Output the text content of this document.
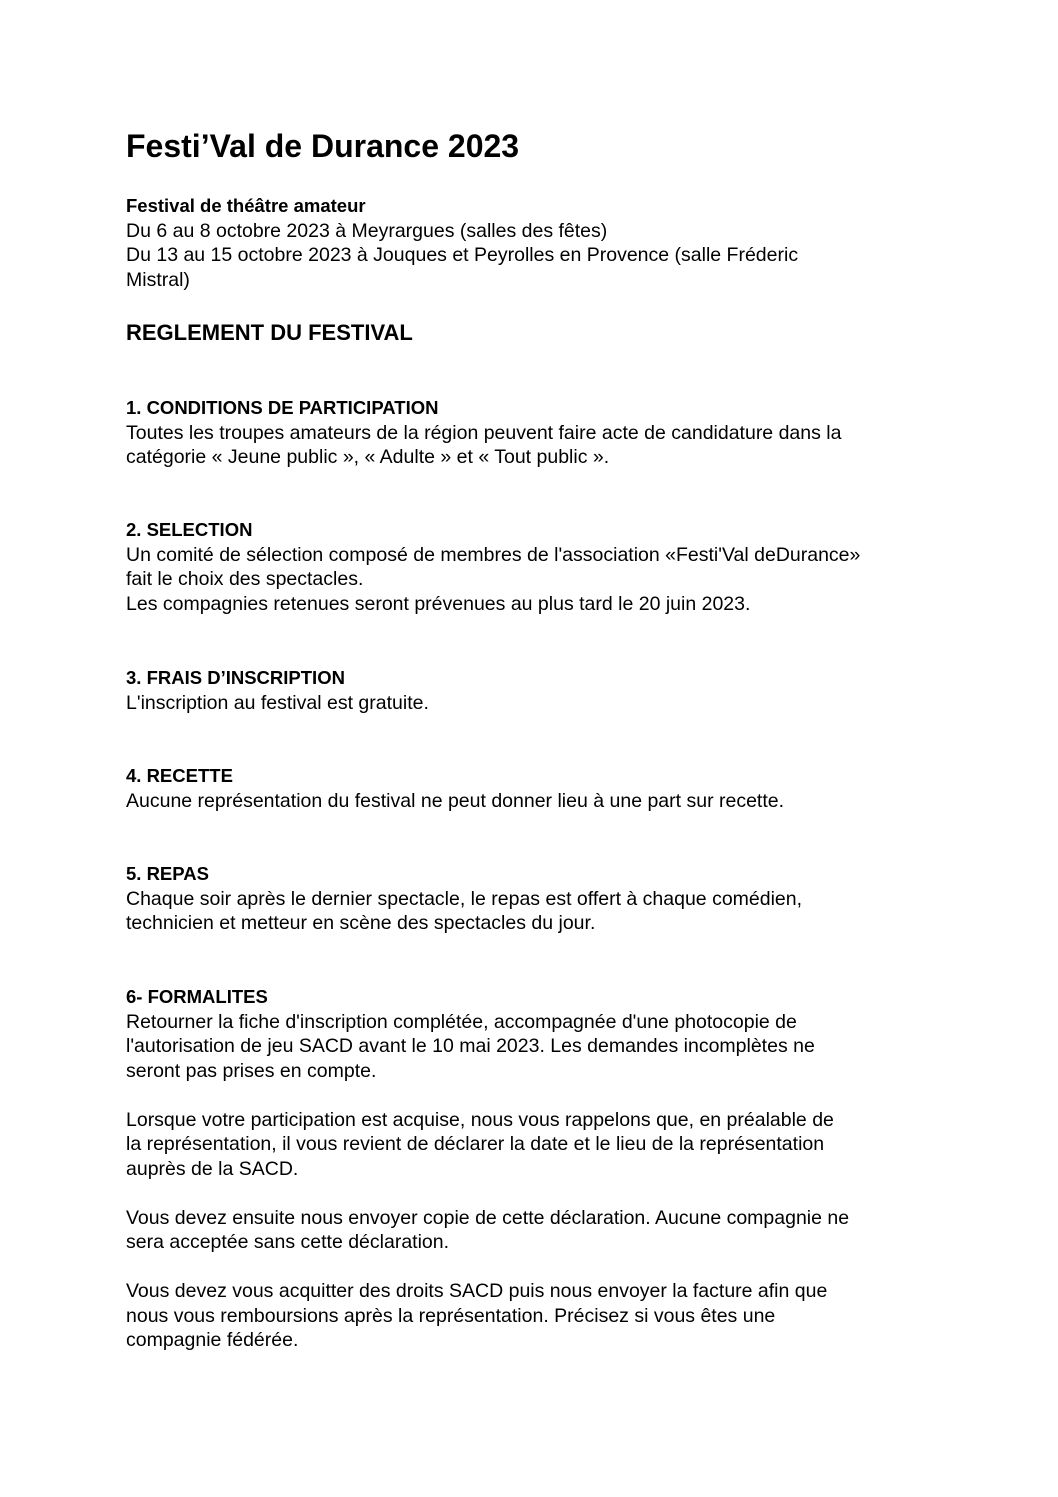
Festi’Val de Durance 2023

Festival de théâtre amateur

Du 6 au 8 octobre 2023 à Meyrargues (salles des fêtes)

Du 13 au 15 octobre 2023 à Jouques et Peyrolles en Provence (salle Fréderic

Mistral)

REGLEMENT DU FESTIVAL

1. CONDITIONS DE PARTICIPATION

Toutes les troupes amateurs de la région peuvent faire acte de candidature dans la

catégorie « Jeune public », « Adulte » et « Tout public ».

2. SELECTION

Un comité de sélection composé de membres de l'association «Festi'Val deDurance»

fait le choix des spectacles.

Les compagnies retenues seront prévenues au plus tard le 20 juin 2023.

3. FRAIS D’INSCRIPTION

L'inscription au festival est gratuite.

4. RECETTE

Aucune représentation du festival ne peut donner lieu à une part sur recette.

5. REPAS

Chaque soir après le dernier spectacle, le repas est offert à chaque comédien,

technicien et metteur en scène des spectacles du jour.

6- FORMALITES

Retourner la fiche d'inscription complétée, accompagnée d'une photocopie de

l'autorisation de jeu SACD avant le 10 mai 2023. Les demandes incomplètes ne

seront pas prises en compte.

Lorsque votre participation est acquise, nous vous rappelons que, en préalable de

la représentation, il vous revient de déclarer la date et le lieu de la représentation

auprès de la SACD.

Vous devez ensuite nous envoyer copie de cette déclaration. Aucune compagnie ne

sera acceptée sans cette déclaration.

Vous devez vous acquitter des droits SACD puis nous envoyer la facture afin que

nous vous remboursions après la représentation. Précisez si vous êtes une

compagnie fédérée.
